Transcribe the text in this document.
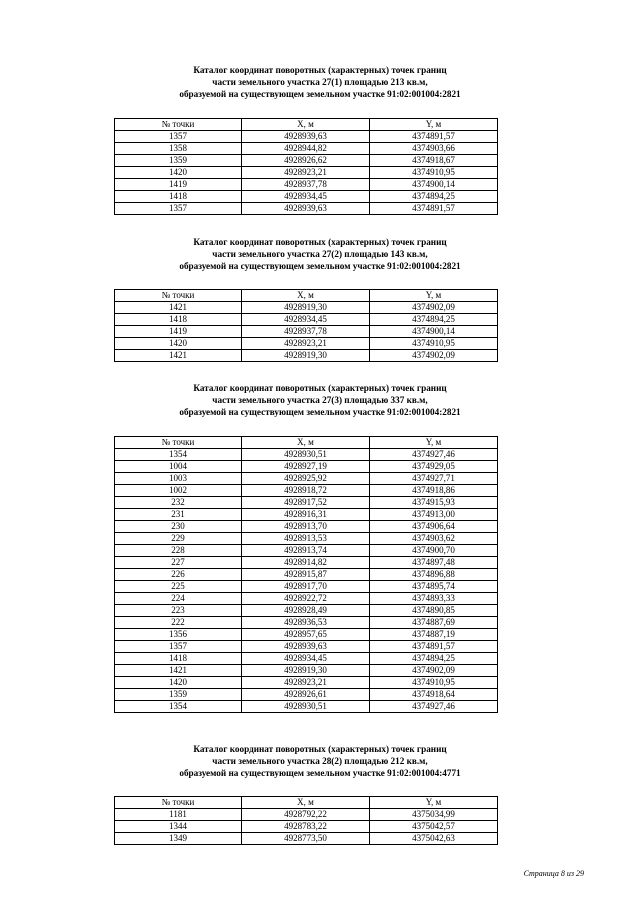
Каталог координат поворотных (характерных) точек границ
части земельного участка 27(1) площадью 213 кв.м,
образуемой на существующем земельном участке 91:02:001004:2821
№ точки	X, м	Y, м
1357	4928939,63	4374891,57
1358	4928944,82	4374903,66
1359	4928926,62	4374918,67
1420	4928923,21	4374910,95
1419	4928937,78	4374900,14
1418	4928934,45	4374894,25
1357	4928939,63	4374891,57
Каталог координат поворотных (характерных) точек границ
части земельного участка 27(2) площадью 143 кв.м,
образуемой на существующем земельном участке 91:02:001004:2821
№ точки	X, м	Y, м
1421	4928919,30	4374902,09
1418	4928934,45	4374894,25
1419	4928937,78	4374900,14
1420	4928923,21	4374910,95
1421	4928919,30	4374902,09
Каталог координат поворотных (характерных) точек границ
части земельного участка 27(3) площадью 337 кв.м,
образуемой на существующем земельном участке 91:02:001004:2821
№ точки	X, м	Y, м
1354	4928930,51	4374927,46
1004	4928927,19	4374929,05
1003	4928925,92	4374927,71
1002	4928918,72	4374918,86
232	4928917,52	4374915,93
231	4928916,31	4374913,00
230	4928913,70	4374906,64
229	4928913,53	4374903,62
228	4928913,74	4374900,70
227	4928914,82	4374897,48
226	4928915,87	4374896,88
225	4928917,70	4374895,74
224	4928922,72	4374893,33
223	4928928,49	4374890,85
222	4928936,53	4374887,69
1356	4928957,65	4374887,19
1357	4928939,63	4374891,57
1418	4928934,45	4374894,25
1421	4928919,30	4374902,09
1420	4928923,21	4374910,95
1359	4928926,61	4374918,64
1354	4928930,51	4374927,46
Каталог координат поворотных (характерных) точек границ
части земельного участка 28(2) площадью 212 кв.м,
образуемой на существующем земельном участке 91:02:001004:4771
№ точки	X, м	Y, м
1181	4928792,22	4375034,99
1344	4928783,22	4375042,57
1349	4928773,50	4375042,63
Страница 8 из 29
